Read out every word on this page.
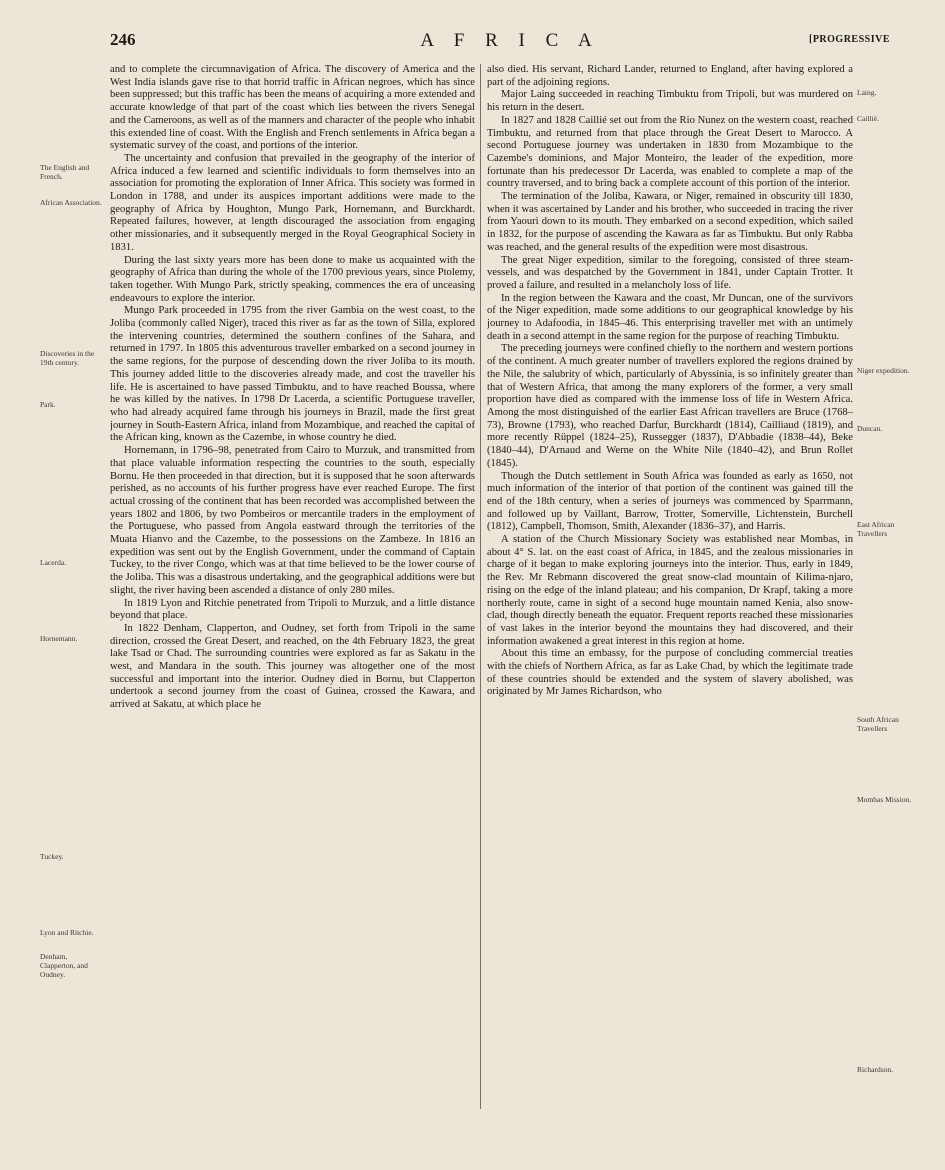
246	A F R I C A	[PROGRESSIVE

and to complete the circumnavigation of Africa. The discovery of America and the West India islands gave rise to that horrid traffic in African negroes, which has since been suppressed; but this traffic has been the means of acquiring a more extended and accurate knowledge of that part of the coast which lies between the rivers Senegal and the Cameroons, as well as of the manners and character of the people who inhabit this extended line of coast. With the English and French settlements in Africa began a systematic survey of the coast, and portions of the interior.

The uncertainty and confusion that prevailed in the geography of the interior of Africa induced a few learned and scientific individuals to form themselves into an association for promoting the exploration of Inner Africa. This society was formed in London in 1788, and under its auspices important additions were made to the geography of Africa by Houghton, Mungo Park, Hornemann, and Burckhardt. Repeated failures, however, at length discouraged the association from engaging other missionaries, and it subsequently merged in the Royal Geographical Society in 1831.

During the last sixty years more has been done to make us acquainted with the geography of Africa than during the whole of the 1700 previous years, since Ptolemy, taken together. With Mungo Park, strictly speaking, commences the era of unceasing endeavours to explore the interior.

Mungo Park proceeded in 1795 from the river Gambia on the west coast, to the Joliba (commonly called Niger), traced this river as far as the town of Silla, explored the intervening countries, determined the southern confines of the Sahara, and returned in 1797. In 1805 this adventurous traveller embarked on a second journey in the same regions, for the purpose of descending down the river Joliba to its mouth. This journey added little to the discoveries already made, and cost the traveller his life. He is ascertained to have passed Timbuktu, and to have reached Boussa, where he was killed by the natives. In 1798 Dr Lacerda, a scientific Portuguese traveller, who had already acquired fame through his journeys in Brazil, made the first great journey in South-Eastern Africa, inland from Mozambique, and reached the capital of the African king, known as the Cazembe, in whose country he died.

Hornemann, in 1796–98, penetrated from Cairo to Murzuk, and transmitted from that place valuable information respecting the countries to the south, especially Bornu. He then proceeded in that direction, but it is supposed that he soon afterwards perished, as no accounts of his further progress have ever reached Europe. The first actual crossing of the continent that has been recorded was accomplished between the years 1802 and 1806, by two Pombeiros or mercantile traders in the employment of the Portuguese, who passed from Angola eastward through the territories of the Muata Hianvo and the Cazembe, to the possessions on the Zambeze. In 1816 an expedition was sent out by the English Government, under the command of Captain Tuckey, to the river Congo, which was at that time believed to be the lower course of the Joliba. This was a disastrous undertaking, and the geographical additions were but slight, the river having been ascended a distance of only 280 miles.

In 1819 Lyon and Ritchie penetrated from Tripoli to Murzuk, and a little distance beyond that place.

In 1822 Denham, Clapperton, and Oudney, set forth from Tripoli in the same direction, crossed the Great Desert, and reached, on the 4th February 1823, the great lake Tsad or Chad. The surrounding countries were explored as far as Sakatu in the west, and Mandara in the south. This journey was altogether one of the most successful and important into the interior. Oudney died in Bornu, but Clapperton undertook a second journey from the coast of Guinea, crossed the Kawara, and arrived at Sakatu, at which place he

also died. His servant, Richard Lander, returned to England, after having explored a part of the adjoining regions.

Major Laing succeeded in reaching Timbuktu from Tripoli, but was murdered on his return in the desert.

In 1827 and 1828 Caillié set out from the Rio Nunez on the western coast, reached Timbuktu, and returned from that place through the Great Desert to Marocco. A second Portuguese journey was undertaken in 1830 from Mozambique to the Cazembe's dominions, and Major Monteiro, the leader of the expedition, more fortunate than his predecessor Dr Lacerda, was enabled to complete a map of the country traversed, and to bring back a complete account of this portion of the interior.

The termination of the Joliba, Kawara, or Niger, remained in obscurity till 1830, when it was ascertained by Lander and his brother, who succeeded in tracing the river from Yaouri down to its mouth. They embarked on a second expedition, which sailed in 1832, for the purpose of ascending the Kawara as far as Timbuktu. But only Rabba was reached, and the general results of the expedition were most disastrous.

The great Niger expedition, similar to the foregoing, consisted of three steam-vessels, and was despatched by the Government in 1841, under Captain Trotter. It proved a failure, and resulted in a melancholy loss of life.

In the region between the Kawara and the coast, Mr Duncan, one of the survivors of the Niger expedition, made some additions to our geographical knowledge by his journey to Adafoodia, in 1845–46. This enterprising traveller met with an untimely death in a second attempt in the same region for the purpose of reaching Timbuktu.

The preceding journeys were confined chiefly to the northern and western portions of the continent. A much greater number of travellers explored the regions drained by the Nile, the salubrity of which, particularly of Abyssinia, is so infinitely greater than that of Western Africa, that among the many explorers of the former, a very small proportion have died as compared with the immense loss of life in Western Africa. Among the most distinguished of the earlier East African travellers are Bruce (1768–73), Browne (1793), who reached Darfur, Burckhardt (1814), Cailliaud (1819), and more recently Rüppel (1824–25), Russegger (1837), D'Abbadie (1838–44), Beke (1840–44), D'Arnaud and Werne on the White Nile (1840–42), and Brun Rollet (1845).

Though the Dutch settlement in South Africa was founded as early as 1650, not much information of the interior of that portion of the continent was gained till the end of the 18th century, when a series of journeys was commenced by Sparrmann, and followed up by Vaillant, Barrow, Trotter, Somerville, Lichtenstein, Burchell (1812), Campbell, Thomson, Smith, Alexander (1836–37), and Harris.

A station of the Church Missionary Society was established near Mombas, in about 4° S. lat. on the east coast of Africa, in 1845, and the zealous missionaries in charge of it began to make exploring journeys into the interior. Thus, early in 1849, the Rev. Mr Rebmann discovered the great snow-clad mountain of Kilima-njaro, rising on the edge of the inland plateau; and his companion, Dr Krapf, taking a more northerly route, came in sight of a second huge mountain named Kenia, also snow-clad, though directly beneath the equator. Frequent reports reached these missionaries of vast lakes in the interior beyond the mountains they had discovered, and their information awakened a great interest in this region at home.

About this time an embassy, for the purpose of concluding commercial treaties with the chiefs of Northern Africa, as far as Lake Chad, by which the legitimate trade of these countries should be extended and the system of slavery abolished, was originated by Mr James Richardson, who

The English and French.
African Association.
Discoveries in the 19th century.
Park.
Lacerda.
Hornemann.
Tuckey.
Lyon and Ritchie.
Denham, Clapperton, and Oudney.
Laing.
Caillié.
Niger expedition.
Duncan.
East African Travellers
South African Travellers
Mombas Mission.
Richardson.
